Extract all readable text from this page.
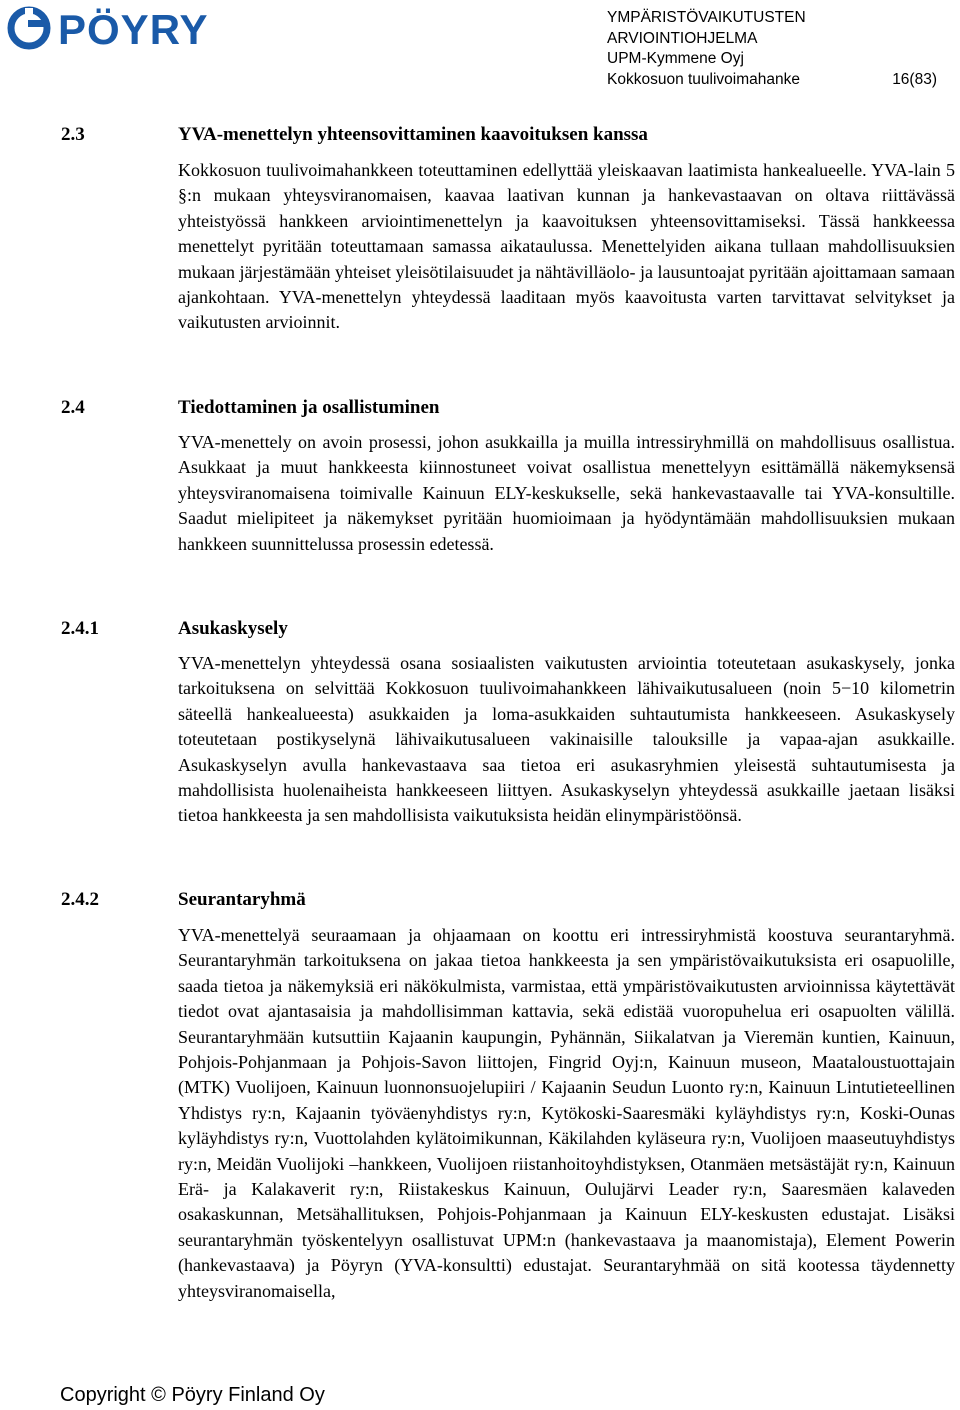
PÖYRY	YMPÄRISTÖVAIKUTUSTEN
ARVIOINTIOHJELMA
UPM-Kymmene Oyj
Kokkosuon tuulivoimahanke	16(83)
2.3	YVA-menettelyn yhteensovittaminen kaavoituksen kanssa
Kokkosuon tuulivoimahankkeen toteuttaminen edellyttää yleiskaavan laatimista hankealueelle. YVA-lain 5 §:n mukaan yhteysviranomaisen, kaavaa laativan kunnan ja hankevastaavan on oltava riittävässä yhteistyössä hankkeen arviointimenettelyn ja kaavoituksen yhteensovittamiseksi. Tässä hankkeessa menettelyt pyritään toteuttamaan samassa aikataulussa. Menettelyiden aikana tullaan mahdollisuuksien mukaan järjestämään yhteiset yleisötilaisuudet ja nähtävilläolo- ja lausuntoajat pyritään ajoittamaan samaan ajankohtaan. YVA-menettelyn yhteydessä laaditaan myös kaavoitusta varten tarvittavat selvitykset ja vaikutusten arvioinnit.
2.4	Tiedottaminen ja osallistuminen
YVA-menettely on avoin prosessi, johon asukkailla ja muilla intressiryhmillä on mahdollisuus osallistua. Asukkaat ja muut hankkeesta kiinnostuneet voivat osallistua menettelyyn esittämällä näkemyksensä yhteysviranomaisena toimivalle Kainuun ELY-keskukselle, sekä hankevastaavalle tai YVA-konsultille. Saadut mielipiteet ja näkemykset pyritään huomioimaan ja hyödyntämään mahdollisuuksien mukaan hankkeen suunnittelussa prosessin edetessä.
2.4.1	Asukaskysely
YVA-menettelyn yhteydessä osana sosiaalisten vaikutusten arviointia toteutetaan asukaskysely, jonka tarkoituksena on selvittää Kokkosuon tuulivoimahankkeen lähivaikutusalueen (noin 5−10 kilometrin säteellä hankealueesta) asukkaiden ja loma-asukkaiden suhtautumista hankkeeseen. Asukaskysely toteutetaan postikyselynä lähivaikutusalueen vakinaisille talouksille ja vapaa-ajan asukkaille. Asukaskyselyn avulla hankevastaava saa tietoa eri asukasryhmien yleisestä suhtautumisesta ja mahdollisista huolenaiheista hankkeeseen liittyen. Asukaskyselyn yhteydessä asukkaille jaetaan lisäksi tietoa hankkeesta ja sen mahdollisista vaikutuksista heidän elinympäristöönsä.
2.4.2	Seurantaryhmä
YVA-menettelyä seuraamaan ja ohjaamaan on koottu eri intressiryhmistä koostuva seurantaryhmä. Seurantaryhmän tarkoituksena on jakaa tietoa hankkeesta ja sen ympäristövaikutuksista eri osapuolille, saada tietoa ja näkemyksiä eri näkökulmista, varmistaa, että ympäristövaikutusten arvioinnissa käytettävät tiedot ovat ajantasaisia ja mahdollisimman kattavia, sekä edistää vuoropuhelua eri osapuolten välillä. Seurantaryhmään kutsuttiin Kajaanin kaupungin, Pyhännän, Siikalatvan ja Vieremän kuntien, Kainuun, Pohjois-Pohjanmaan ja Pohjois-Savon liittojen, Fingrid Oyj:n, Kainuun museon, Maataloustuottajain (MTK) Vuolijoen, Kainuun luonnonsuojelupiiri / Kajaanin Seudun Luonto ry:n, Kainuun Lintutieteellinen Yhdistys ry:n, Kajaanin työväenyhdistys ry:n, Kytökoski-Saaresmäki kyläyhdistys ry:n, Koski-Ounas kyläyhdistys ry:n, Vuottolahden kylätoimikunnan, Käkilahden kyläseura ry:n, Vuolijoen maaseutuyhdistys ry:n, Meidän Vuolijoki –hankkeen, Vuolijoen riistanhoitoyhdistyksen, Otanmäen metsästäjät ry:n, Kainuun Erä- ja Kalakaverit ry:n, Riistakeskus Kainuun, Oulujärvi Leader ry:n, Saaresmäen kalaveden osakaskunnan, Metsähallituksen, Pohjois-Pohjanmaan ja Kainuun ELY-keskusten edustajat. Lisäksi seurantaryhmän työskentelyyn osallistuvat UPM:n (hankevastaava ja maanomistaja), Element Powerin (hankevastaava) ja Pöyryn (YVA-konsultti) edustajat. Seurantaryhmää on sitä kootessa täydennetty yhteysviranomaisella,
Copyright © Pöyry Finland Oy
